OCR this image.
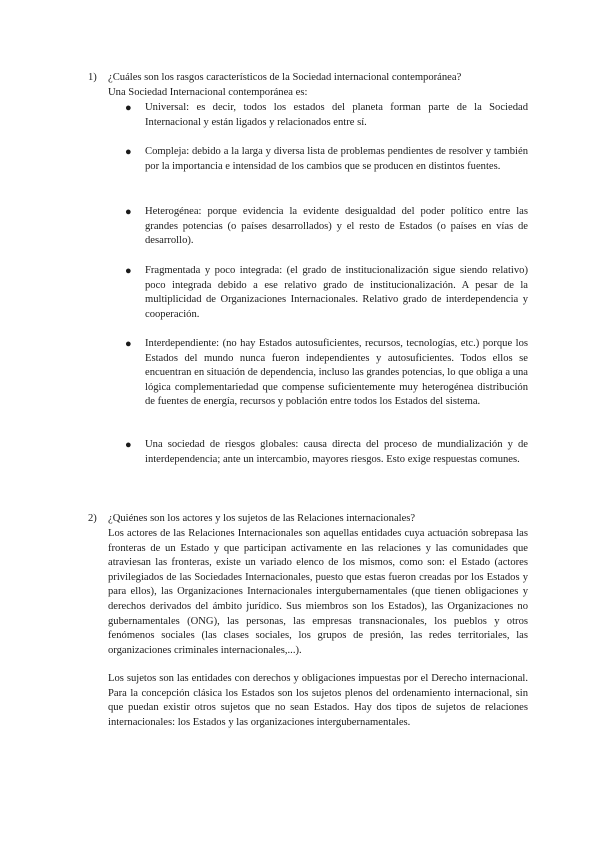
1) ¿Cuáles son los rasgos característicos de la Sociedad internacional contemporánea?
Una Sociedad Internacional contemporánea es:
● Universal: es decir, todos los estados del planeta forman parte de la Sociedad Internacional y están ligados y relacionados entre sí.
● Compleja: debido a la larga y diversa lista de problemas pendientes de resolver y también por la importancia e intensidad de los cambios que se producen en distintos fuentes.
● Heterogénea: porque evidencia la evidente desigualdad del poder político entre las grandes potencias (o países desarrollados) y el resto de Estados (o países en vías de desarrollo).
● Fragmentada y poco integrada: (el grado de institucionalización sigue siendo relativo) poco integrada debido a ese relativo grado de institucionalización. A pesar de la multiplicidad de Organizaciones Internacionales. Relativo grado de interdependencia y cooperación.
● Interdependiente: (no hay Estados autosuficientes, recursos, tecnologías, etc.) porque los Estados del mundo nunca fueron independientes y autosuficientes. Todos ellos se encuentran en situación de dependencia, incluso las grandes potencias, lo que obliga a una lógica complementariedad que compense suficientemente muy heterogénea distribución de fuentes de energía, recursos y población entre todos los Estados del sistema.
● Una sociedad de riesgos globales: causa directa del proceso de mundialización y de interdependencia; ante un intercambio, mayores riesgos. Esto exige respuestas comunes.
2) ¿Quiénes son los actores y los sujetos de las Relaciones internacionales?
Los actores de las Relaciones Internacionales son aquellas entidades cuya actuación sobrepasa las fronteras de un Estado y que participan activamente en las relaciones y las comunidades que atraviesan las fronteras, existe un variado elenco de los mismos, como son: el Estado (actores privilegiados de las Sociedades Internacionales, puesto que estas fueron creadas por los Estados y para ellos), las Organizaciones Internacionales intergubernamentales (que tienen obligaciones y derechos derivados del ámbito jurídico. Sus miembros son los Estados), las Organizaciones no gubernamentales (ONG), las personas, las empresas transnacionales, los pueblos y otros fenómenos sociales (las clases sociales, los grupos de presión, las redes territoriales, las organizaciones criminales internacionales,...).
Los sujetos son las entidades con derechos y obligaciones impuestas por el Derecho internacional. Para la concepción clásica los Estados son los sujetos plenos del ordenamiento internacional, sin que puedan existir otros sujetos que no sean Estados. Hay dos tipos de sujetos de relaciones internacionales: los Estados y las organizaciones intergubernamentales.
